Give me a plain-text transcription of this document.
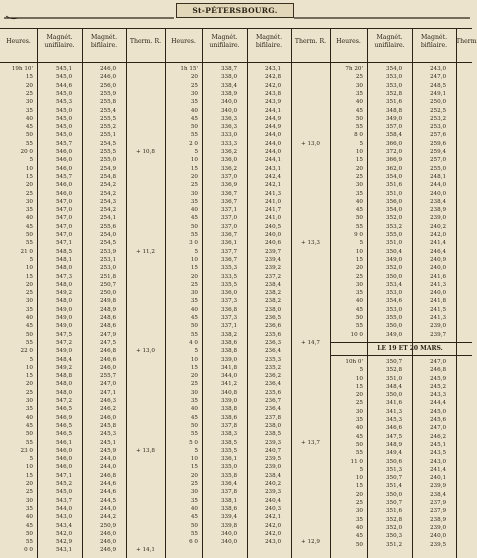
St-PÉTERSBOURG.
Heures.
Magnét.
unifilaire.
Magnét.
bifilaire.
Therm. R.	Heures.
Magnét.
unifilaire.
Magnét.
bifilaire.
Therm. R.	Heures.
Magnét.
unifilaire.
Magnét.
bifilaire.
Therm
19h 10'	545,1	246,0
15	545,0	246,0
20	544,6	256,0
25	545,0	255,9
30	545,3	255,8
35	545,0	255,4
40	545,0	255,5
45	545,0	255,2
50	545,0	255,1
55	545,7	254,5
20 0	546,0	255,5	+ 10,8
5	546,0	255,0
10	546,0	254,9
15	545,7	254,8
20	546,0	254,2
25	546,0	254,2
30	547,0	254,3
35	547,0	254,2
40	547,0	254,1
45	547,0	255,6
50	547,0	254,0
55	547,1	254,5
21 0	548,5	253,9	+ 11,2
5	548,1	253,1
10	548,0	253,0
15	547,3	251,8
20	548,0	250,7
25	549,2	250,0
30	548,0	249,8
35	549,0	248,9
40	549,0	248,6
45	549,0	248,6
50	547,5	247,9
55	547,2	247,5
22 0	549,0	246,8	+ 13,0
5	548,4	246,6
10	549,2	246,0
15	548,8	255,7
20	548,0	247,0
25	548,0	247,1
30	547,2	246,3
35	546,5	246,2
40	546,9	246,0
45	546,5	245,8
50	546,5	245,3
55	546,1	245,1
23 0	546,0	245,9	+ 13,8
5	546,0	244,0
10	546,0	244,0
15	547,1	246,8
20	545,2	244,6
25	545,0	244,6
30	543,7	244,5
35	544,0	244,0
40	543,0	244,2
45	543,4	250,9
50	542,0	246,0
55	542,9	246,0
0 0	543,1	246,9	+ 14,1
1h 15'	338,7	243,1
20	338,0	242,8
25	338,4	242,0
30	338,9	243,8
35	340,0	243,9
40	340,0	244,1
45	336,3	244,9
50	336,3	244,9
55	333,0	244,0
2 0	333,3	244,0	+ 13,0
5	336,2	244,0
10	336,0	244,1
15	336,2	243,1
20	337,0	242,4
25	336,9	242,1
30	336,7	241,3
35	336,7	241,0
40	337,1	241,7
45	337,0	241,0
50	337,0	240,5
55	336,7	240,0
3 0	336,1	240,6	+ 13,3
5	337,7	239,7
10	336,7	239,4
15	335,3	239,2
20	333,5	237,2
25	335,5	238,4
30	336,0	238,2
35	337,3	238,2
40	336,8	238,0
45	337,3	236,5
50	337,1	236,6
55	338,2	235,6
4 0	338,6	236,3	+ 14,7
5	338,8	236,4
10	339,0	235,3
15	341,8	235,2
20	344,0	236,2
25	341,2	236,4
30	340,8	235,6
35	339,0	236,7
40	338,8	236,4
45	338,6	237,8
50	337,8	238,0
55	338,3	238,5
5 0	338,5	239,3	+ 13,7
5	335,5	240,7
10	336,1	239,5
15	335,0	239,0
20	335,8	238,4
25	336,4	240,2
30	337,8	239,3
35	338,1	240,4
40	338,6	240,3
45	339,4	242,1
50	339,8	242,0
55	340,0	242,0
6 0	340,0	243,0	+ 12,9
7h 20'	354,0	243,0
25	353,0	247,0
30	353,0	248,5
35	352,8	249,1
40	351,6	250,0
45	348,8	252,5
50	349,0	253,2
55	357,0	253,0
8 0	358,4	257,6
5	366,0	259,6
10	372,0	259,4
15	366,9	257,0
20	362,0	255,0
25	354,0	248,1
30	351,6	244,0
35	351,0	240,0
40	356,0	238,4
45	354,0	238,9
50	352,0	239,0
55	353,2	240,2
9 0	355,0	242,0
5	351,0	241,4
10	350,4	246,4
15	349,0	240,9
20	352,0	240,0
25	350,0	241,6
30	353,4	241,3
35	353,0	240,0
40	354,6	241,8
45	353,0	241,5
50	355,0	241,3
55	350,0	239,0
10 0	349,0	239,7
LE 19 ET 20 MARS.
10h 0'	350,7	247,0
5	352,8	246,8
10	351,0	245,9
15	348,4	245,2
20	350,0	243,3
25	341,6	244,4
30	341,3	245,0
35	345,3	245,6
40	346,6	247,0
45	347,5	246,2
50	348,9	245,1
55	349,4	243,5
11 0	350,6	243,0
5	351,3	241,4
10	350,7	240,1
15	351,4	239,9
20	350,0	238,4
25	350,7	237,9
30	351,6	237,9
35	352,8	238,9
40	352,0	239,0
45	350,3	240,0
50	351,2	239,5
